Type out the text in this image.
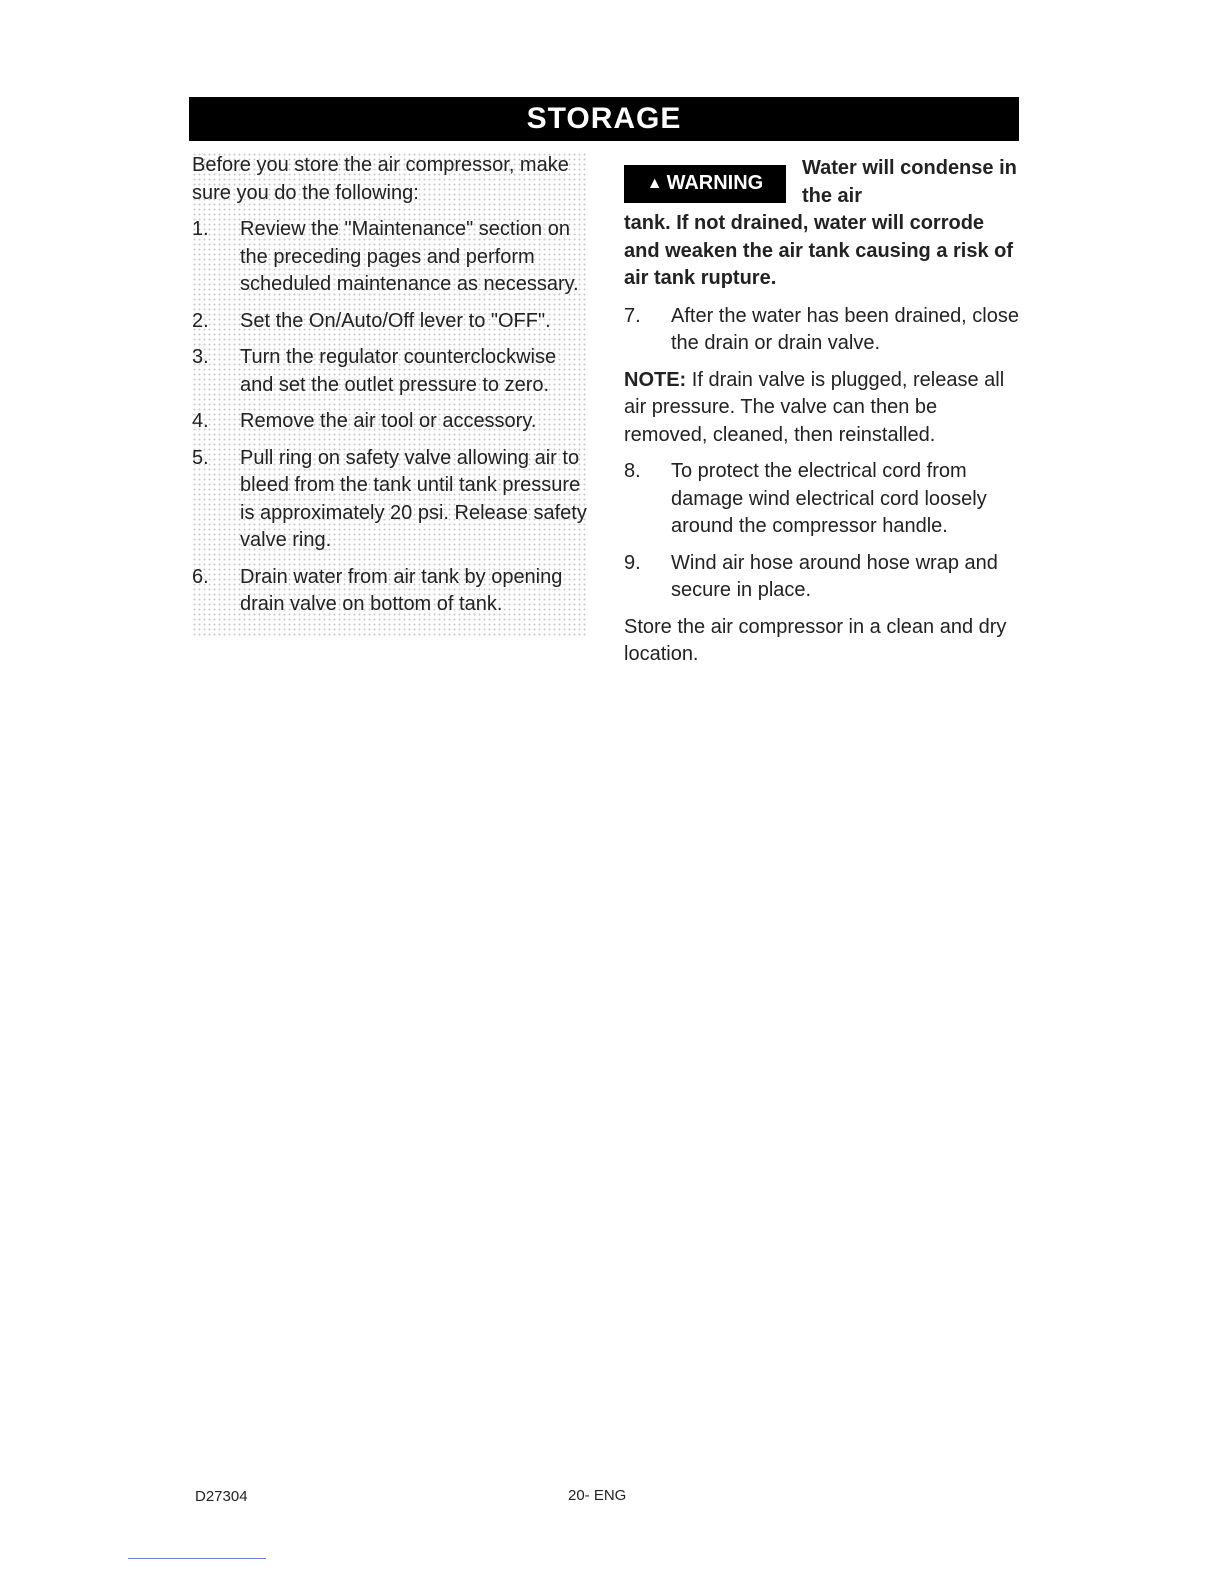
STORAGE

Before you store the air compressor, make sure you do the following:

1.	Review the "Maintenance" section on the preceding pages and perform scheduled maintenance as necessary.
2.	Set the On/Auto/Off lever to "OFF".
3.	Turn the regulator counterclockwise and set the outlet pressure to zero.
4.	Remove the air tool or accessory.
5.	Pull ring on safety valve allowing air to bleed from the tank until tank pressure is approximately 20 psi. Release safety valve ring.
6.	Drain water from air tank by opening drain valve on bottom of tank.
▲ WARNING
Water will condense in the air
tank. If not drained, water will corrode and weaken the air tank causing a risk of air tank rupture.
7.	After the water has been drained, close the drain or drain valve.
NOTE: If drain valve is plugged, release all air pressure. The valve can then be removed, cleaned, then reinstalled.
8.	To protect the electrical cord from damage wind electrical cord loosely around the compressor handle.
9.	Wind air hose around hose wrap and secure in place.
Store the air compressor in a clean and dry location.
D27304	20- ENG
